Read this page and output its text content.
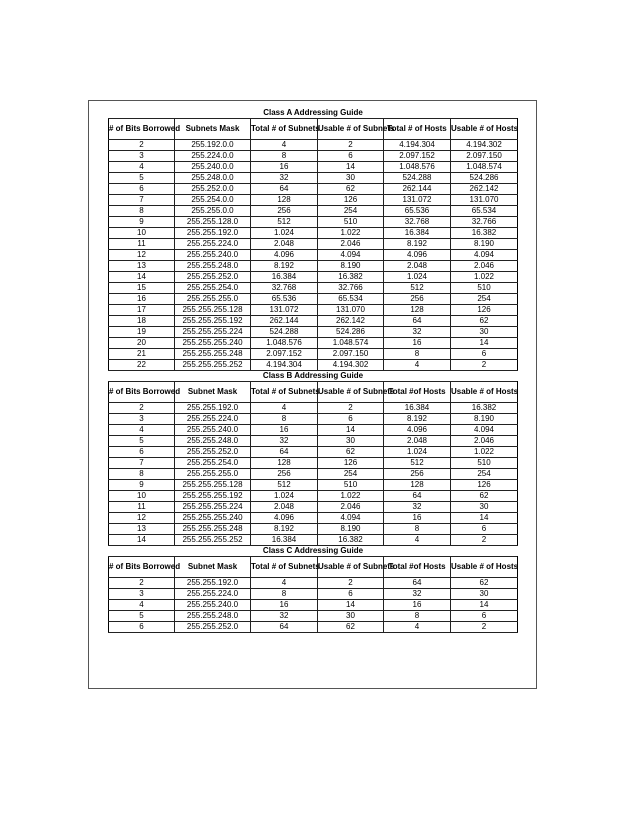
Class A Addressing Guide					
# of Bits Borrowed	Subnets Mask	Total # of Subnets	Usable # of Subnets	Total # of Hosts	Usable # of Hosts
2	255.192.0.0	4	2	4.194.304	4.194.302
3	255.224.0.0	8	6	2.097.152	2.097.150
4	255.240.0.0	16	14	1.048.576	1.048.574
5	255.248.0.0	32	30	524.288	524.286
6	255.252.0.0	64	62	262.144	262.142
7	255.254.0.0	128	126	131.072	131.070
8	255.255.0.0	256	254	65.536	65.534
9	255.255.128.0	512	510	32.768	32.766
10	255.255.192.0	1.024	1.022	16.384	16.382
11	255.255.224.0	2.048	2.046	8.192	8.190
12	255.255.240.0	4.096	4.094	4.096	4.094
13	255.255.248.0	8.192	8.190	2.048	2.046
14	255.255.252.0	16.384	16.382	1.024	1.022
15	255.255.254.0	32.768	32.766	512	510
16	255.255.255.0	65.536	65.534	256	254
17	255.255.255.128	131.072	131.070	128	126
18	255.255.255.192	262.144	262.142	64	62
19	255.255.255.224	524.288	524.286	32	30
20	255.255.255.240	1.048.576	1.048.574	16	14
21	255.255.255.248	2.097.152	2.097.150	8	6
22	255.255.255.252	4.194.304	4.194.302	4	2
Class B Addressing Guide					
# of Bits Borrowed	Subnet Mask	Total # of Subnets	Usable # of Subnets	Total #of Hosts	Usable # of Hosts
2	255.255.192.0	4	2	16.384	16.382
3	255.255.224.0	8	6	8.192	8.190
4	255.255.240.0	16	14	4.096	4.094
5	255.255.248.0	32	30	2.048	2.046
6	255.255.252.0	64	62	1.024	1.022
7	255.255.254.0	128	126	512	510
8	255.255.255.0	256	254	256	254
9	255.255.255.128	512	510	128	126
10	255.255.255.192	1.024	1.022	64	62
11	255.255.255.224	2.048	2.046	32	30
12	255.255.255.240	4.096	4.094	16	14
13	255.255.255.248	8.192	8.190	8	6
14	255.255.255.252	16.384	16.382	4	2
Class C Addressing Guide					
# of Bits Borrowed	Subnet Mask	Total # of Subnets	Usable # of Subnets	Total #of Hosts	Usable # of Hosts
2	255.255.192.0	4	2	64	62
3	255.255.224.0	8	6	32	30
4	255.255.240.0	16	14	16	14
5	255.255.248.0	32	30	8	6
6	255.255.252.0	64	62	4	2
